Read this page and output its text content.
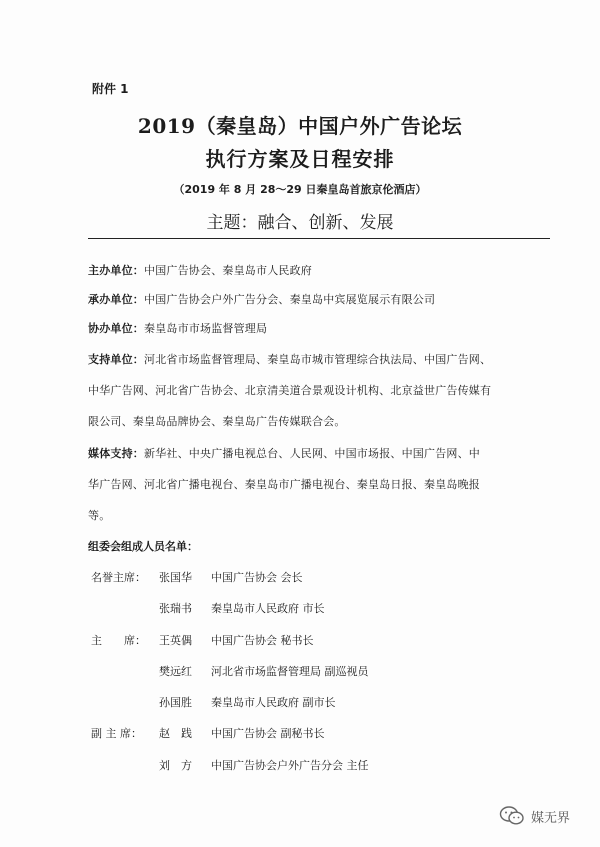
附件 1
2019（秦皇岛）中国户外广告论坛
执行方案及日程安排
（2019 年 8 月 28～29 日秦皇岛首旅京伦酒店）
主题：融合、创新、发展
主办单位：中国广告协会、秦皇岛市人民政府
承办单位：中国广告协会户外广告分会、秦皇岛中宾展览展示有限公司
协办单位：秦皇岛市市场监督管理局
支持单位：河北省市场监督管理局、秦皇岛市城市管理综合执法局、中国广告网、
中华广告网、河北省广告协会、北京清美道合景观设计机构、北京益世广告传媒有
限公司、秦皇岛品牌协会、秦皇岛广告传媒联合会。
媒体支持：新华社、中央广播电视总台、人民网、中国市场报、中国广告网、中
华广告网、河北省广播电视台、秦皇岛市广播电视台、秦皇岛日报、秦皇岛晚报
等。
组委会组成人员名单：
名誉主席： 张国华 中国广告协会 会长
张瑞书 秦皇岛市人民政府 市长
主　　席： 王英偶 中国广告协会 秘书长
樊远红 河北省市场监督管理局 副巡视员
孙国胜 秦皇岛市人民政府 副市长
副 主 席： 赵　践 中国广告协会 副秘书长
刘　方 中国广告协会户外广告分会 主任
媒无界
